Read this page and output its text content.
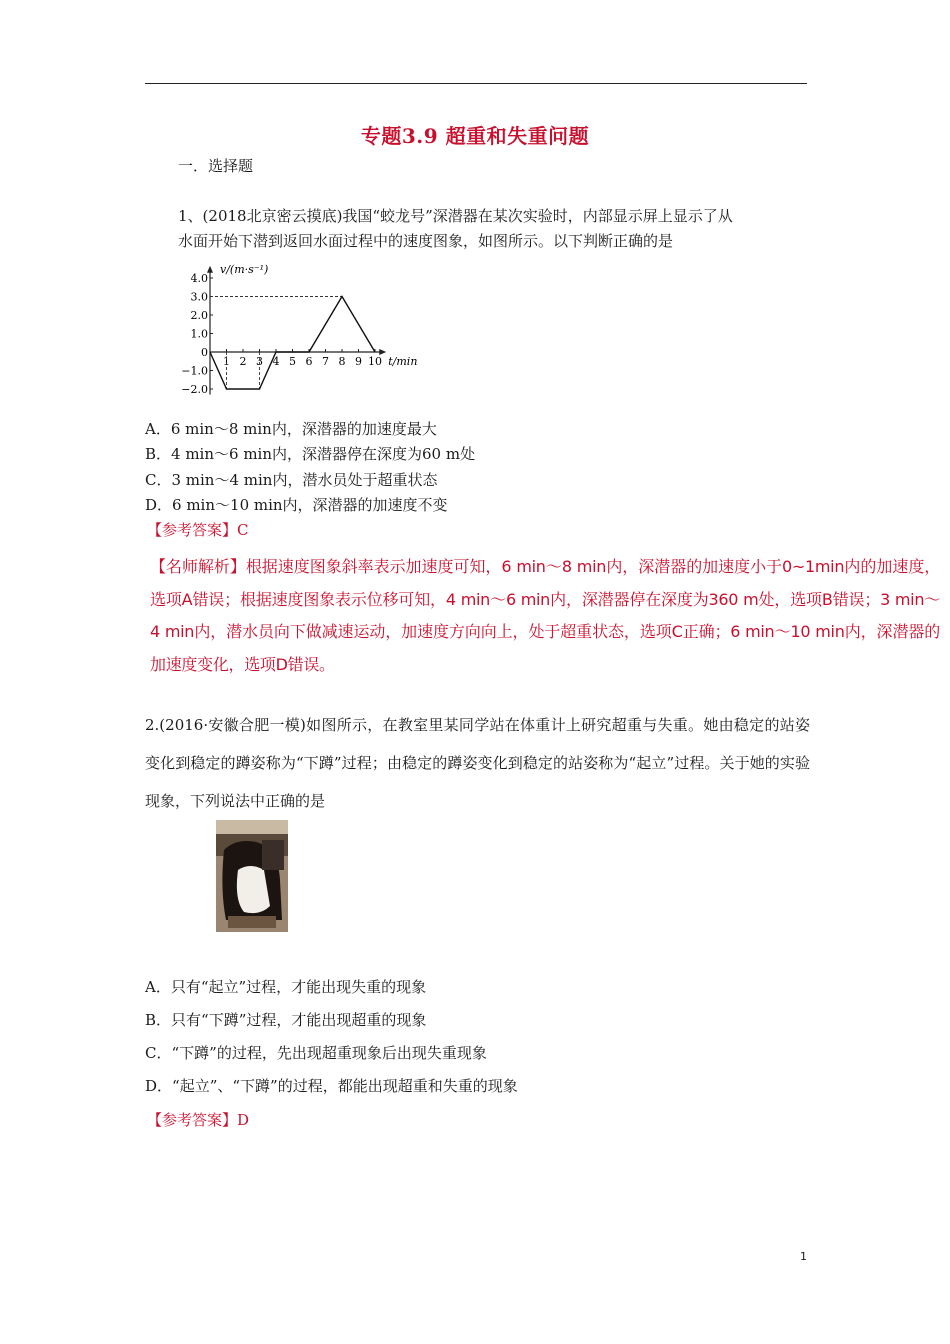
专题3.9 超重和失重问题

一．选择题

1、(2018北京密云摸底)我国“蛟龙号”深潜器在某次实验时，内部显示屏上显示了从

水面开始下潜到返回水面过程中的速度图象，如图所示。以下判断正确的是

v/(m·s⁻¹)
t/min
4.0
3.0
2.0
1.0
0
−1.0
−2.0
1 2 3 4 5 6 7 8 9 10

A．6 min～8 min内，深潜器的加速度最大

B．4 min～6 min内，深潜器停在深度为60 m处

C．3 min～4 min内，潜水员处于超重状态

D．6 min～10 min内，深潜器的加速度不变

【参考答案】C

【名师解析】根据速度图象斜率表示加速度可知，6 min～8 min内，深潜器的加速度小于0~1min内的加速度，选项A错误；根据速度图象表示位移可知，4 min～6 min内，深潜器停在深度为360 m处，选项B错误；3 min～4 min内，潜水员向下做减速运动，加速度方向向上，处于超重状态，选项C正确；6 min～10 min内，深潜器的加速度变化，选项D错误。
2.(2016·安徽合肥一模)如图所示，在教室里某同学站在体重计上研究超重与失重。她由稳定的站姿变化到稳定的蹲姿称为“下蹲”过程；由稳定的蹲姿变化到稳定的站姿称为“起立”过程。关于她的实验现象，下列说法中正确的是

A．只有“起立”过程，才能出现失重的现象

B．只有“下蹲”过程，才能出现超重的现象

C．“下蹲”的过程，先出现超重现象后出现失重现象

D．“起立”、“下蹲”的过程，都能出现超重和失重的现象

【参考答案】D

1
